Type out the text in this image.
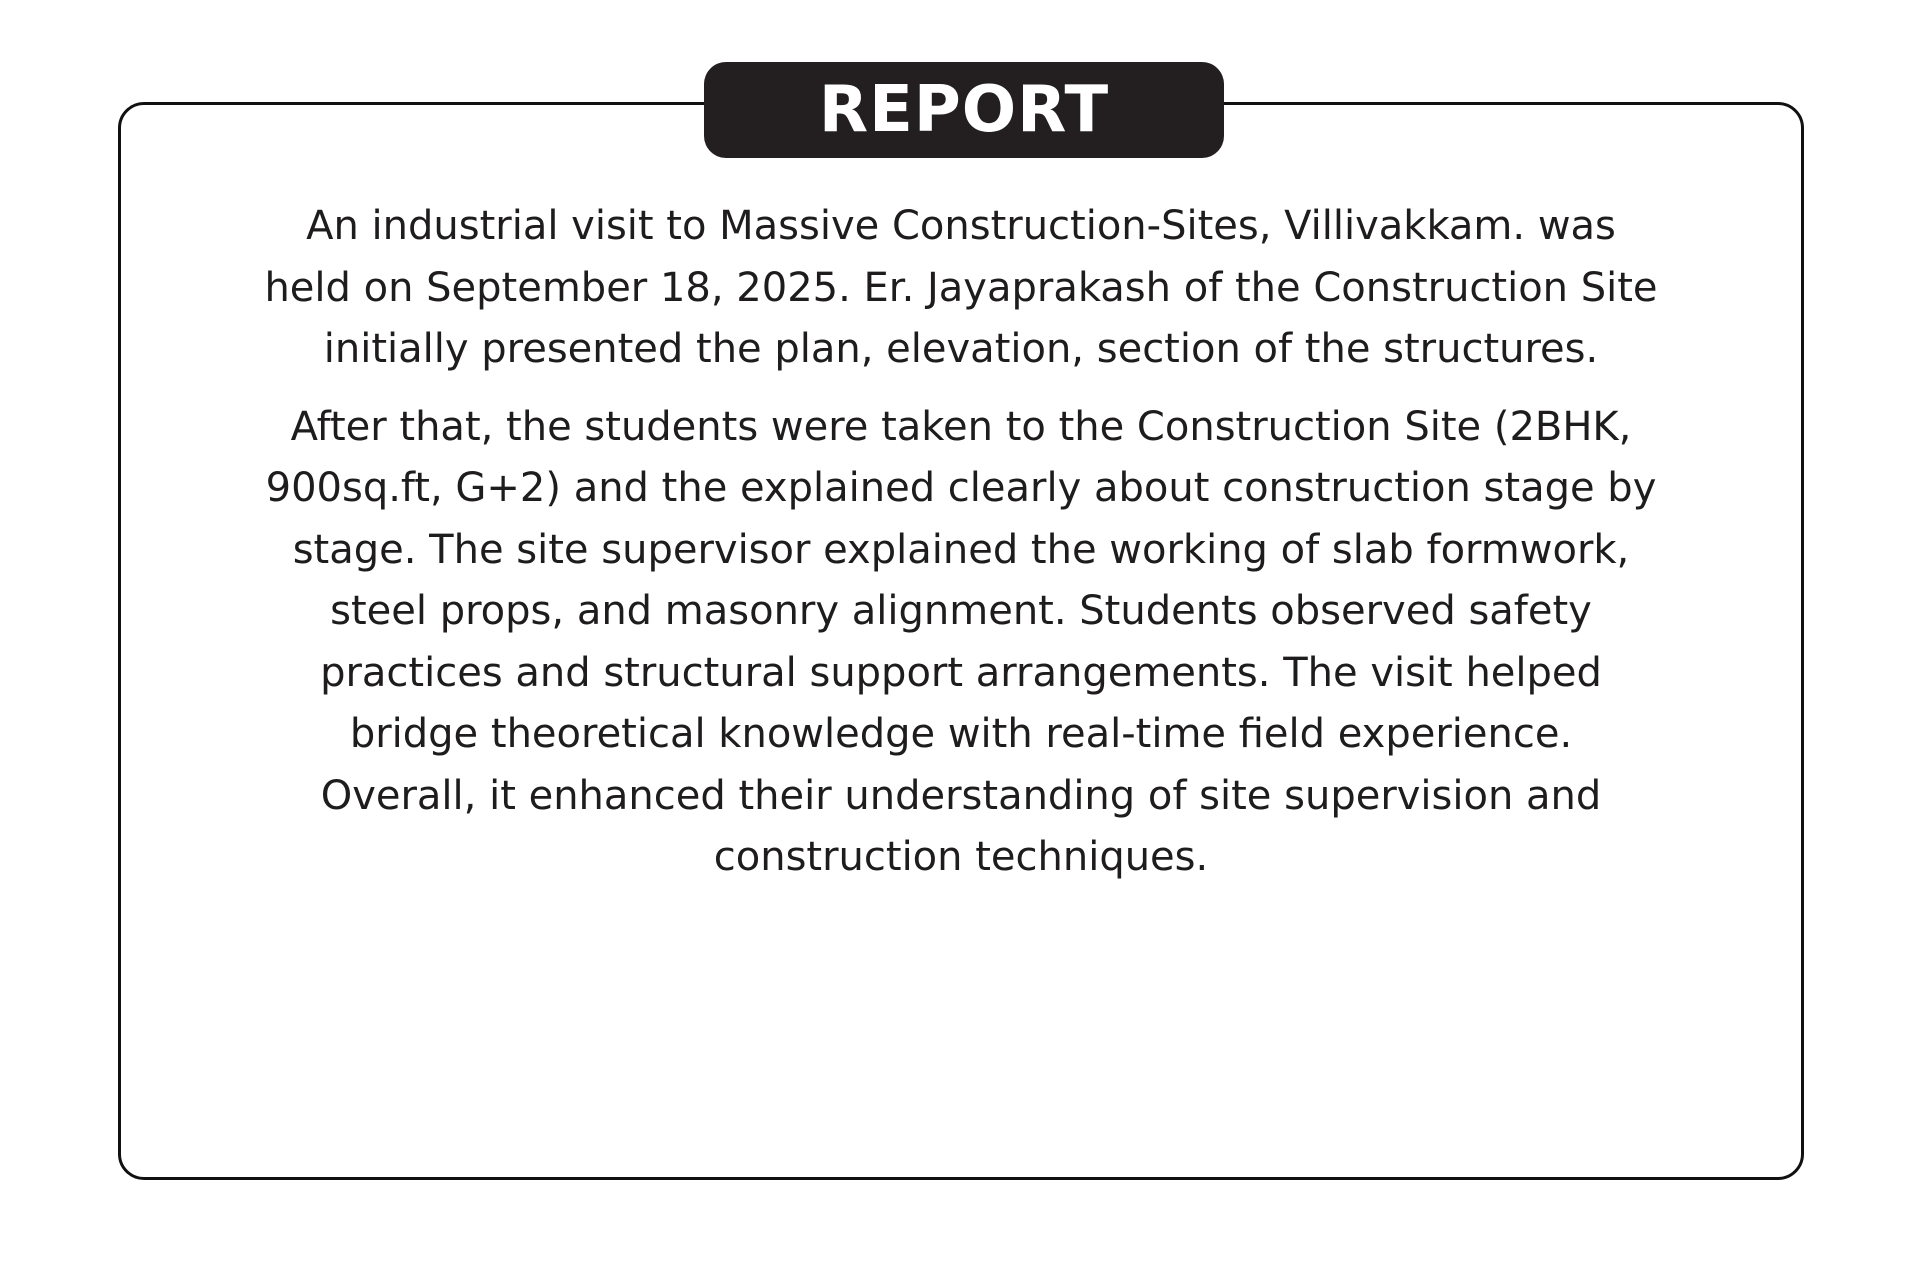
REPORT

An industrial visit to Massive Construction-Sites, Villivakkam. was
held on September 18, 2025. Er. Jayaprakash of the Construction Site
initially presented the plan, elevation, section of the structures.

After that, the students were taken to the Construction Site (2BHK,
900sq.ft, G+2) and the explained clearly about construction stage by
stage. The site supervisor explained the working of slab formwork,
steel props, and masonry alignment. Students observed safety
practices and structural support arrangements. The visit helped
bridge theoretical knowledge with real-time field experience.
Overall, it enhanced their understanding of site supervision and
construction techniques.
